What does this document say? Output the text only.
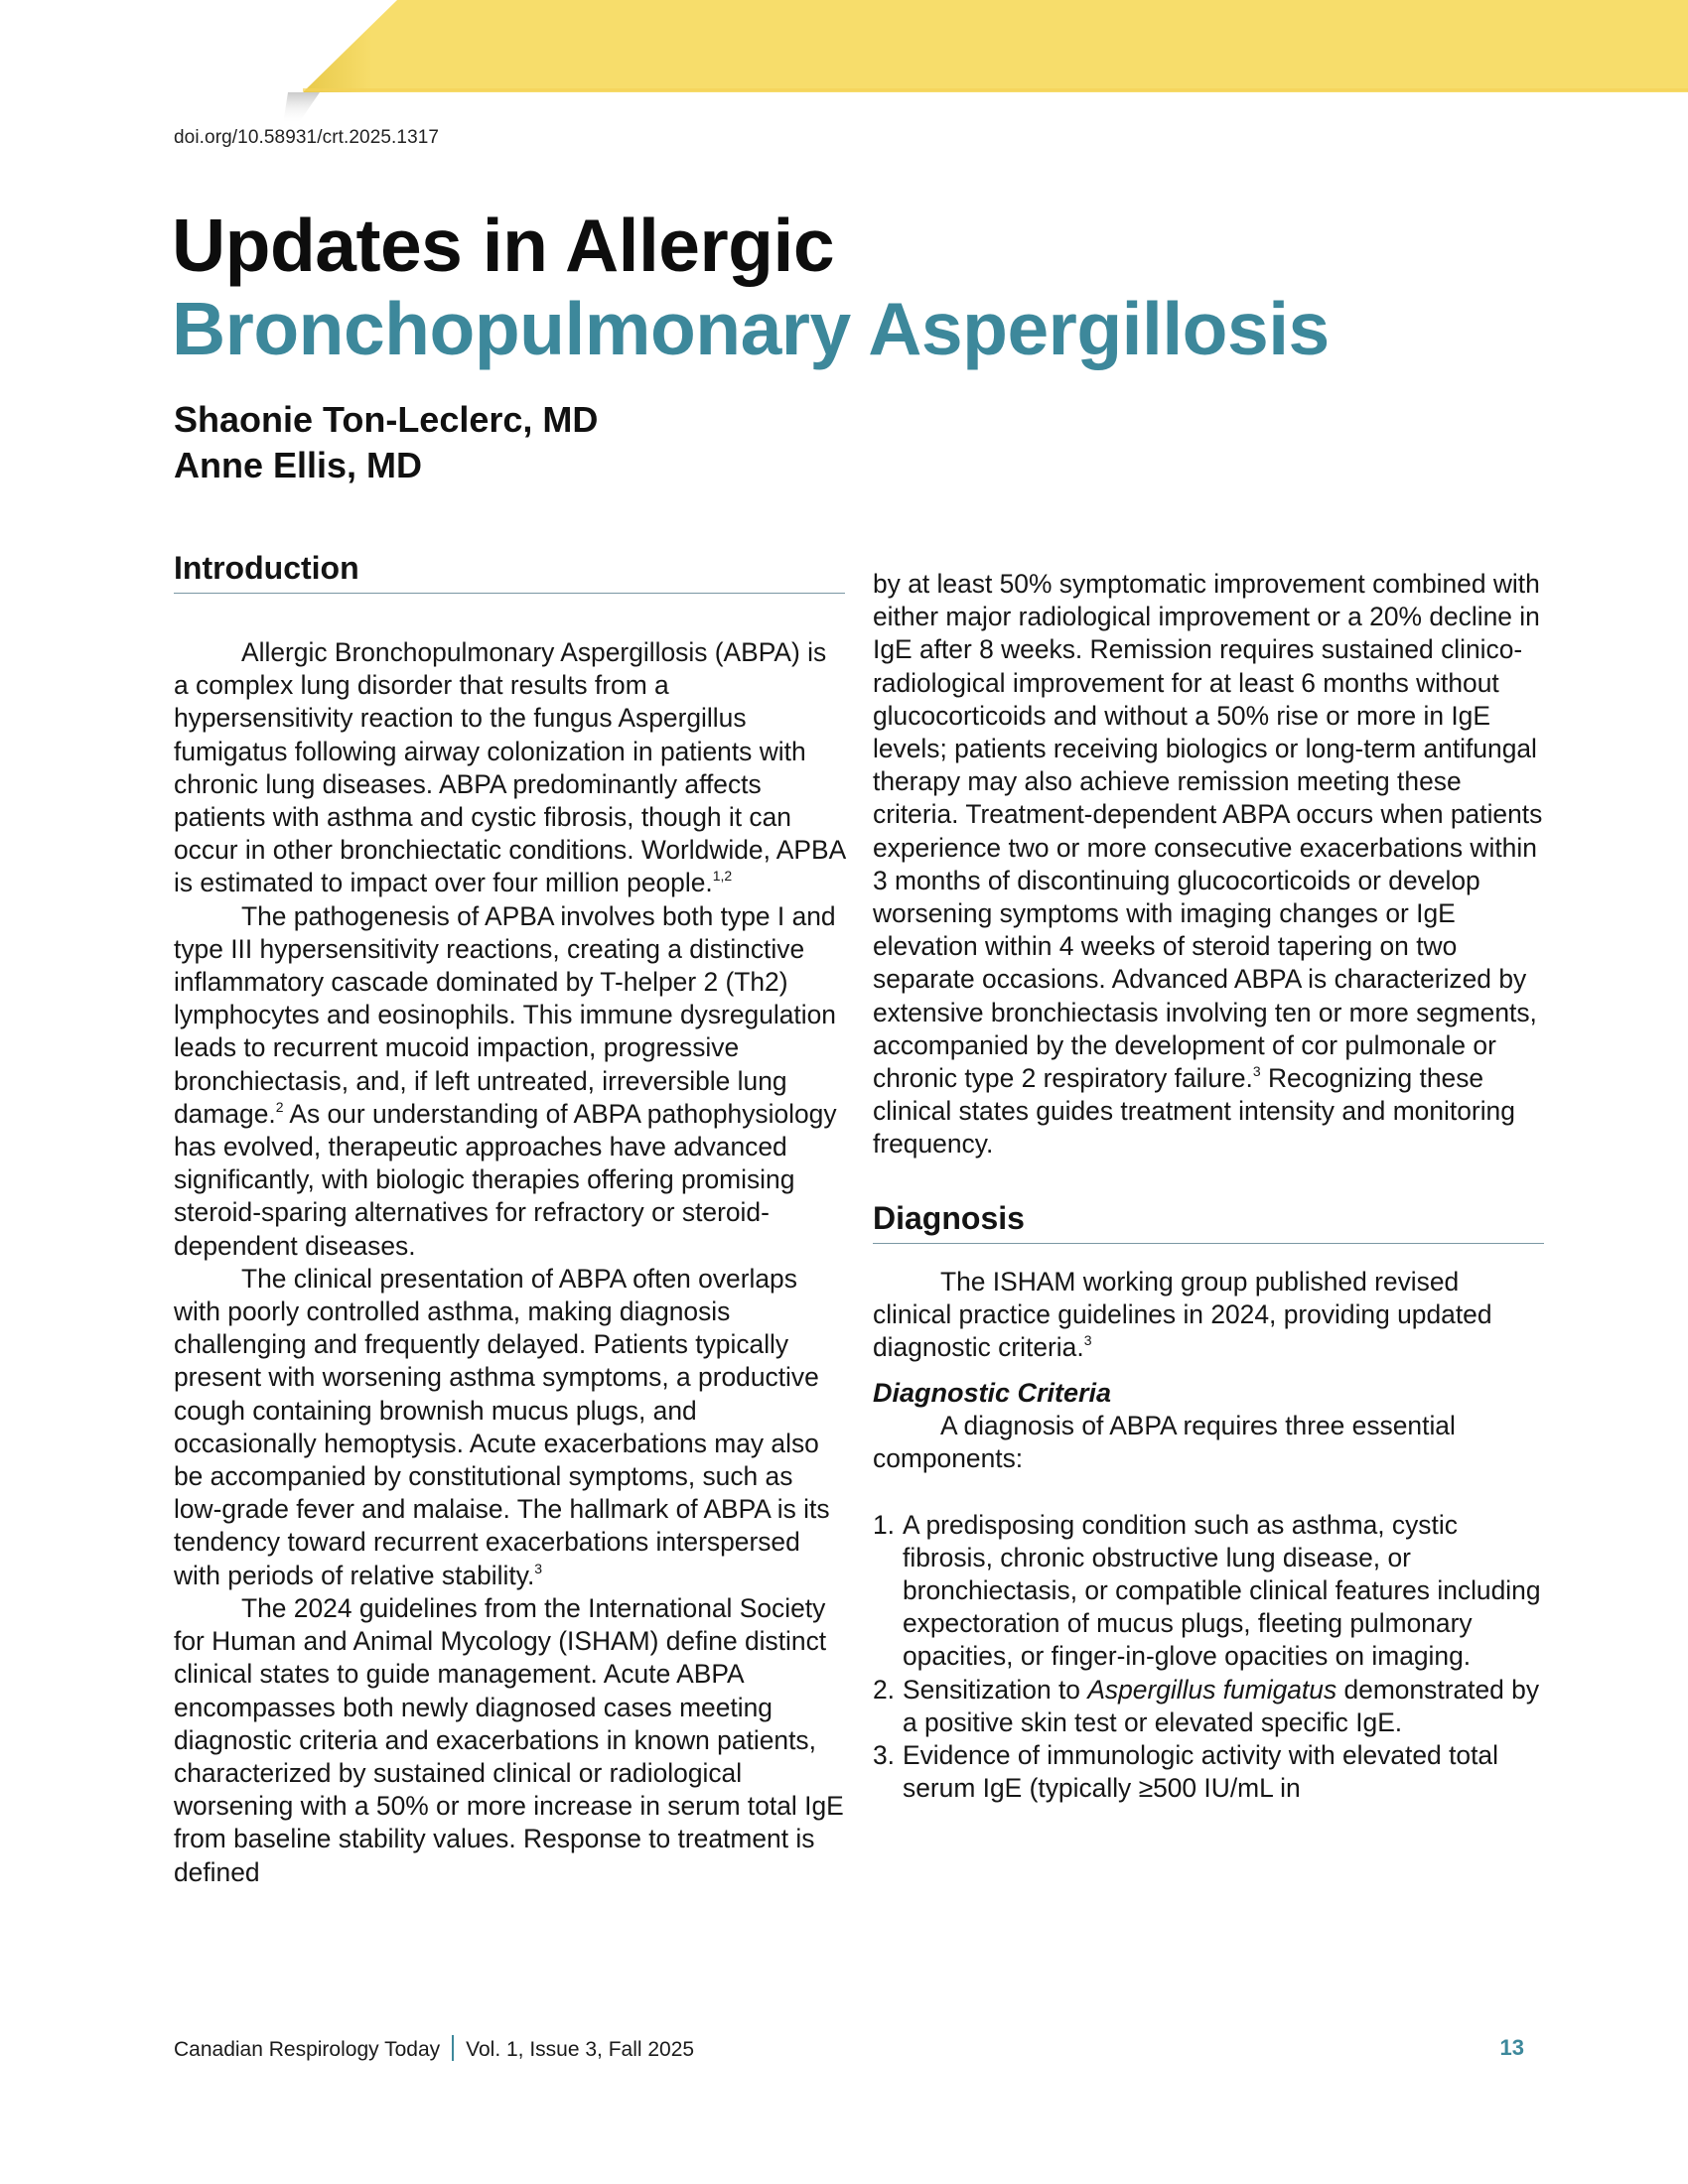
doi.org/10.58931/crt.2025.1317
Updates in Allergic
Bronchopulmonary Aspergillosis
Shaonie Ton-Leclerc, MD
Anne Ellis, MD
Introduction

Allergic Bronchopulmonary Aspergillosis (ABPA) is a complex lung disorder that results from a hypersensitivity reaction to the fungus Aspergillus fumigatus following airway colonization in patients with chronic lung diseases. ABPA predominantly affects patients with asthma and cystic fibrosis, though it can occur in other bronchiectatic conditions. Worldwide, APBA is estimated to impact over four million people.$^{1,2}$

The pathogenesis of APBA involves both type I and type III hypersensitivity reactions, creating a distinctive inflammatory cascade dominated by T-helper 2 (Th2) lymphocytes and eosinophils. This immune dysregulation leads to recurrent mucoid impaction, progressive bronchiectasis, and, if left untreated, irreversible lung damage.$^2$ As our understanding of ABPA pathophysiology has evolved, therapeutic approaches have advanced significantly, with biologic therapies offering promising steroid-sparing alternatives for refractory or steroid-dependent diseases.

The clinical presentation of ABPA often overlaps with poorly controlled asthma, making diagnosis challenging and frequently delayed. Patients typically present with worsening asthma symptoms, a productive cough containing brownish mucus plugs, and occasionally hemoptysis. Acute exacerbations may also be accompanied by constitutional symptoms, such as low-grade fever and malaise. The hallmark of ABPA is its tendency toward recurrent exacerbations interspersed with periods of relative stability.$^3$

The 2024 guidelines from the International Society for Human and Animal Mycology (ISHAM) define distinct clinical states to guide management. Acute ABPA encompasses both newly diagnosed cases meeting diagnostic criteria and exacerbations in known patients, characterized by sustained clinical or radiological worsening with a 50% or more increase in serum total IgE from baseline stability values. Response to treatment is defined

by at least 50% symptomatic improvement combined with either major radiological improvement or a 20% decline in IgE after 8 weeks. Remission requires sustained clinico-radiological improvement for at least 6 months without glucocorticoids and without a 50% rise or more in IgE levels; patients receiving biologics or long-term antifungal therapy may also achieve remission meeting these criteria. Treatment-dependent ABPA occurs when patients experience two or more consecutive exacerbations within 3 months of discontinuing glucocorticoids or develop worsening symptoms with imaging changes or IgE elevation within 4 weeks of steroid tapering on two separate occasions. Advanced ABPA is characterized by extensive bronchiectasis involving ten or more segments, accompanied by the development of cor pulmonale or chronic type 2 respiratory failure.$^3$ Recognizing these clinical states guides treatment intensity and monitoring frequency.

Diagnosis

The ISHAM working group published revised clinical practice guidelines in 2024, providing updated diagnostic criteria.$^3$

Diagnostic Criteria

A diagnosis of ABPA requires three essential components:

1. A predisposing condition such as asthma, cystic fibrosis, chronic obstructive lung disease, or bronchiectasis, or compatible clinical features including expectoration of mucus plugs, fleeting pulmonary opacities, or finger-in-glove opacities on imaging.
2. Sensitization to Aspergillus fumigatus demonstrated by a positive skin test or elevated specific IgE.
3. Evidence of immunologic activity with elevated total serum IgE (typically ≥500 IU/mL in
Canadian Respirology Today Vol. 1, Issue 3, Fall 2025	13
